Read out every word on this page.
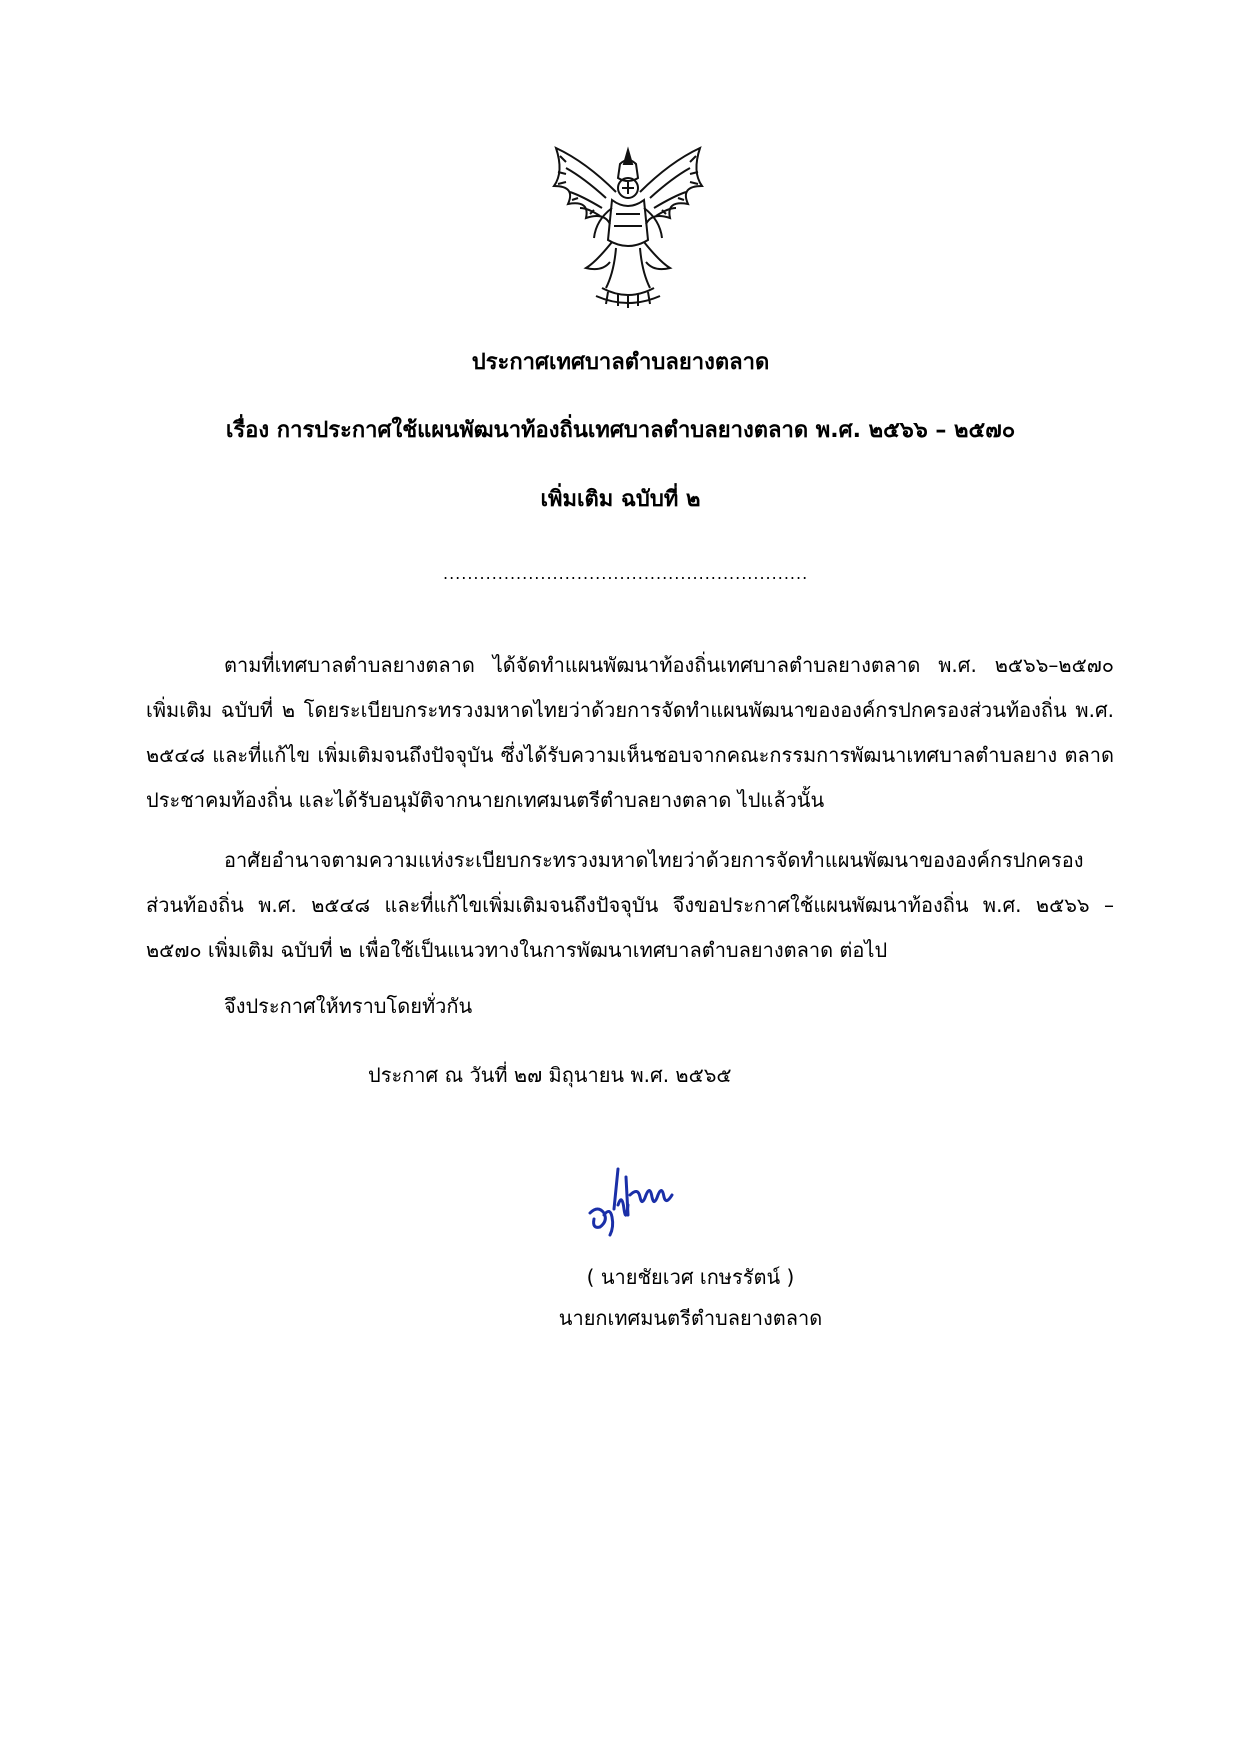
ประกาศเทศบาลตำบลยางตลาด
เรื่อง การประกาศใช้แผนพัฒนาท้องถิ่นเทศบาลตำบลยางตลาด พ.ศ. ๒๕๖๖ – ๒๕๗๐
เพิ่มเติม ฉบับที่ ๒
............................................................

ตามที่เทศบาลตำบลยางตลาด ได้จัดทำแผนพัฒนาท้องถิ่นเทศบาลตำบลยางตลาด พ.ศ. ๒๕๖๖–๒๕๗๐ เพิ่มเติม ฉบับที่ ๒ โดยระเบียบกระทรวงมหาดไทยว่าด้วยการจัดทำแผนพัฒนาขององค์กรปกครองส่วนท้องถิ่น พ.ศ. ๒๕๔๘ และที่แก้ไข เพิ่มเติมจนถึงปัจจุบัน ซึ่งได้รับความเห็นชอบจากคณะกรรมการพัฒนาเทศบาลตำบลยาง ตลาด ประชาคมท้องถิ่น และได้รับอนุมัติจากนายกเทศมนตรีตำบลยางตลาด ไปแล้วนั้น

อาศัยอำนาจตามความแห่งระเบียบกระทรวงมหาดไทยว่าด้วยการจัดทำแผนพัฒนาขององค์กรปกครอง ส่วนท้องถิ่น พ.ศ. ๒๕๔๘ และที่แก้ไขเพิ่มเติมจนถึงปัจจุบัน จึงขอประกาศใช้แผนพัฒนาท้องถิ่น พ.ศ. ๒๕๖๖ – ๒๕๗๐ เพิ่มเติม ฉบับที่ ๒ เพื่อใช้เป็นแนวทางในการพัฒนาเทศบาลตำบลยางตลาด ต่อไป

จึงประกาศให้ทราบโดยทั่วกัน

ประกาศ ณ วันที่ ๒๗ มิถุนายน พ.ศ. ๒๕๖๕
( นายชัยเวศ เกษรรัตน์ )
นายกเทศมนตรีตำบลยางตลาด
